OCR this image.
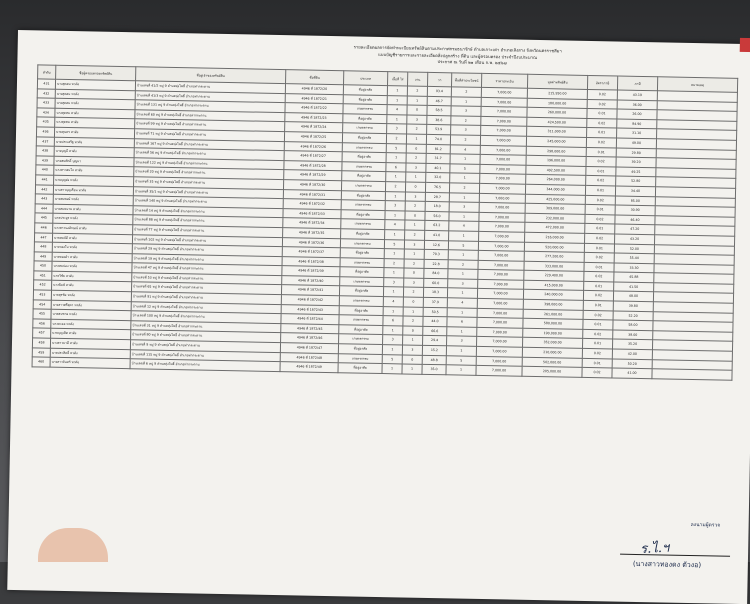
รายละเอียดผลการจัดทำทะเบียนทรัพย์สินตามประกาศกรมธนารักษ์ ตำบลเกาะเต่า อำเภอเสิงสาง จังหวัดนครราชสีมา
แบบบัญชีรายการและรายละเอียดสิ่งปลูกสร้าง ที่ดิน และผู้ครอบครอง ประจำปีงบประมาณ
ประกาศ ณ วันที่ ๒๑ เดือน ก.พ. ๒๕๖๗
ลำดับ	ชื่อผู้ครอบครองทรัพย์สิน	ที่อยู่เจ้าของทรัพย์สิน	ชื่อที่ดิน	ประเภท	เนื้อที่ ไร่	งาน	วา	พื้นที่ทำประโยชน์	ราคาประเมิน	มูลค่าทรัพย์สิน	อัตราภาษี	ภาษี	หมายเหตุ
431	นางสุดสม ทวดัง	บ้านเลขที่ 41/2 หมู่ 9 ตำบลทุ่งโพธิ์ อำเภอท่ากระดาน	4946 ที่ 1872/20	ที่อยู่อาศัย	1	2	93.4	2	7,000.00	215,950.00	0.02	43.19	
432	นางสุดสม ทวดัง	บ้านเลขที่ 41/3 หมู่ 9 ตำบลทุ่งโพธิ์ อำเภอท่ากระดาน	4946 ที่ 1872/21	ที่อยู่อาศัย	1	1	46.7	1	7,000.00	180,000.00	0.02	36.00	
433	นางสุดสม ทวดัง	บ้านเลขที่ 131 หมู่ 9 ตำบลทุ่งโพธิ์ อำเภอท่ากระดาน	4946 ที่ 1872/22	เกษตรกรรม	4	0	58.5	3	7,000.00	260,000.00	0.01	26.00	
434	นางสุดสม ทวดัง	บ้านเลขที่ 60 หมู่ 9 ตำบลทุ่งโพธิ์ อำเภอท่ากระดาน	4946 ที่ 1872/23	ที่อยู่อาศัย	1	3	38.6	2	7,000.00	424,500.00	0.02	84.90	
435	นางสุดสม ทวดัง	บ้านเลขที่ 99 หมู่ 9 ตำบลทุ่งโพธิ์ อำเภอท่ากระดาน	4946 ที่ 1872/24	เกษตรกรรม	3	2	53.9	3	7,000.00	311,000.00	0.01	31.10	
436	นายสุนทร ทวดัง	บ้านเลขที่ 71 หมู่ 9 ตำบลทุ่งโพธิ์ อำเภอท่ากระดาน	4946 ที่ 1872/25	ที่อยู่อาศัย	2	1	74.0	2	7,000.00	245,000.00	0.02	49.00	
437	นายประเสริฐ ทวดัง	บ้านเลขที่ 167 หมู่ 9 ตำบลทุ่งโพธิ์ อำเภอท่ากระดาน	4946 ที่ 1872/26	เกษตรกรรม	5	0	81.2	4	7,000.00	298,000.00	0.01	29.80	
438	นางบุญมี ทวดัง	บ้านเลขที่ 56 หมู่ 9 ตำบลทุ่งโพธิ์ อำเภอท่ากระดาน	4946 ที่ 1872/27	ที่อยู่อาศัย	1	2	31.7	1	7,000.00	196,000.00	0.02	39.20	
439	นายสมศักดิ์ บุญมา	บ้านเลขที่ 122 หมู่ 9 ตำบลทุ่งโพธิ์ อำเภอท่ากระดาน	4946 ที่ 1872/28	เกษตรกรรม	6	3	40.1	5	7,000.00	492,500.00	0.01	49.25	
440	นางสาวสมใจ ทวดัง	บ้านเลขที่ 20 หมู่ 9 ตำบลทุ่งโพธิ์ อำเภอท่ากระดาน	4946 ที่ 1872/29	ที่อยู่อาศัย	1	1	32.0	1	7,000.00	264,000.00	0.02	52.80	
441	นายบุญส่ง ทวดัง	บ้านเลขที่ 35 หมู่ 9 ตำบลทุ่งโพธิ์ อำเภอท่ากระดาน	4946 ที่ 1872/30	เกษตรกรรม	2	0	76.5	2	7,000.00	344,000.00	0.01	34.40	
442	นางสาวบุญเรือน ทวดัง	บ้านเลขที่ 35/1 หมู่ 9 ตำบลทุ่งโพธิ์ อำเภอท่ากระดาน	4946 ที่ 1872/31	ที่อยู่อาศัย	1	3	28.7	1	7,000.00	425,000.00	0.02	85.00	
443	นายสมพงษ์ ทวดัง	บ้านเลขที่ 140 หมู่ 9 ตำบลทุ่งโพธิ์ อำเภอท่ากระดาน	4946 ที่ 1872/32	เกษตรกรรม	3	2	18.0	3	7,000.00	309,000.00	0.01	30.90	
444	นางสมหมาย ทวดัง	บ้านเลขที่ 14 หมู่ 9 ตำบลทุ่งโพธิ์ อำเภอท่ากระดาน	4946 ที่ 1872/33	ที่อยู่อาศัย	1	0	56.0	1	7,000.00	232,000.00	0.02	46.40	
445	นายประยูร ทวดัง	บ้านเลขที่ 88 หมู่ 9 ตำบลทุ่งโพธิ์ อำเภอท่ากระดาน	4946 ที่ 1872/34	เกษตรกรรม	4	1	63.2	4	7,000.00	472,000.00	0.01	47.20	
446	นางสาวนงลักษณ์ ทวดัง	บ้านเลขที่ 77 หมู่ 9 ตำบลทุ่งโพธิ์ อำเภอท่ากระดาน	4946 ที่ 1872/35	ที่อยู่อาศัย	1	2	41.0	1	7,000.00	216,000.00	0.02	43.20	
447	นายสมบัติ ทวดัง	บ้านเลขที่ 102 หมู่ 9 ตำบลทุ่งโพธิ์ อำเภอท่ากระดาน	4946 ที่ 1872/36	เกษตรกรรม	5	3	12.6	5	7,000.00	520,000.00	0.01	52.00	
448	นางทองใบ ทวดัง	บ้านเลขที่ 29 หมู่ 9 ตำบลทุ่งโพธิ์ อำเภอท่ากระดาน	4946 ที่ 1872/37	ที่อยู่อาศัย	1	1	70.3	1	7,000.00	277,200.00	0.02	55.44	
449	นายทองคำ ทวดัง	บ้านเลขที่ 19 หมู่ 9 ตำบลทุ่งโพธิ์ อำเภอท่ากระดาน	4946 ที่ 1872/38	เกษตรกรรม	2	2	22.8	2	7,000.00	333,000.00	0.01	33.30	
450	นางสมปอง ทวดัง	บ้านเลขที่ 47 หมู่ 9 ตำบลทุ่งโพธิ์ อำเภอท่ากระดาน	4946 ที่ 1872/39	ที่อยู่อาศัย	1	0	84.0	1	7,000.00	229,400.00	0.02	45.88	
451	นายวิชัย ทวดัง	บ้านเลขที่ 53 หมู่ 9 ตำบลทุ่งโพธิ์ อำเภอท่ากระดาน	4946 ที่ 1872/40	เกษตรกรรม	3	3	60.0	3	7,000.00	415,000.00	0.01	41.50	
452	นางพิมพ์ ทวดัง	บ้านเลขที่ 65 หมู่ 9 ตำบลทุ่งโพธิ์ อำเภอท่ากระดาน	4946 ที่ 1872/41	ที่อยู่อาศัย	1	2	18.3	1	7,000.00	240,000.00	0.02	48.00	
453	นายสุรชัย ทวดัง	บ้านเลขที่ 91 หมู่ 9 ตำบลทุ่งโพธิ์ อำเภอท่ากระดาน	4946 ที่ 1872/42	เกษตรกรรม	4	0	37.9	4	7,000.00	398,000.00	0.01	39.80	
454	นางสาวศรีสุดา ทวดัง	บ้านเลขที่ 12 หมู่ 9 ตำบลทุ่งโพธิ์ อำเภอท่ากระดาน	4946 ที่ 1872/43	ที่อยู่อาศัย	1	1	50.5	1	7,000.00	261,000.00	0.02	52.20	
455	นายสมชาย ทวดัง	บ้านเลขที่ 100 หมู่ 9 ตำบลทุ่งโพธิ์ อำเภอท่ากระดาน	4946 ที่ 1872/44	เกษตรกรรม	6	2	44.0	6	7,000.00	580,000.00	0.01	58.00	
456	นางละออ ทวดัง	บ้านเลขที่ 31 หมู่ 9 ตำบลทุ่งโพธิ์ อำเภอท่ากระดาน	4946 ที่ 1872/45	ที่อยู่อาศัย	1	0	66.6	1	7,000.00	190,000.00	0.02	38.00	
457	นายบุญเลิศ ทวดัง	บ้านเลขที่ 80 หมู่ 9 ตำบลทุ่งโพธิ์ อำเภอท่ากระดาน	4946 ที่ 1872/46	เกษตรกรรม	3	1	29.4	3	7,000.00	352,000.00	0.01	35.20	
458	นางสาวมาลี ทวดัง	บ้านเลขที่ 9 หมู่ 9 ตำบลทุ่งโพธิ์ อำเภอท่ากระดาน	4946 ที่ 1872/47	ที่อยู่อาศัย	1	3	15.2	1	7,000.00	210,000.00	0.02	42.00	
459	นายประสิทธิ์ ทวดัง	บ้านเลขที่ 115 หมู่ 9 ตำบลทุ่งโพธิ์ อำเภอท่ากระดาน	4946 ที่ 1872/48	เกษตรกรรม	5	0	48.8	5	7,000.00	502,000.00	0.01	50.20	
460	นางสาวจันทร์ ทวดัง	บ้านเลขที่ 6 หมู่ 9 ตำบลทุ่งโพธิ์ อำเภอท่ากระดาน	4946 ที่ 1872/49	ที่อยู่อาศัย	1	1	35.0	1	7,000.00	205,000.00	0.02	41.00	
ลงนามผู้ตรวจ
ร.ไ.ฯ
(นางสาวทองดง ตัวงอ)
